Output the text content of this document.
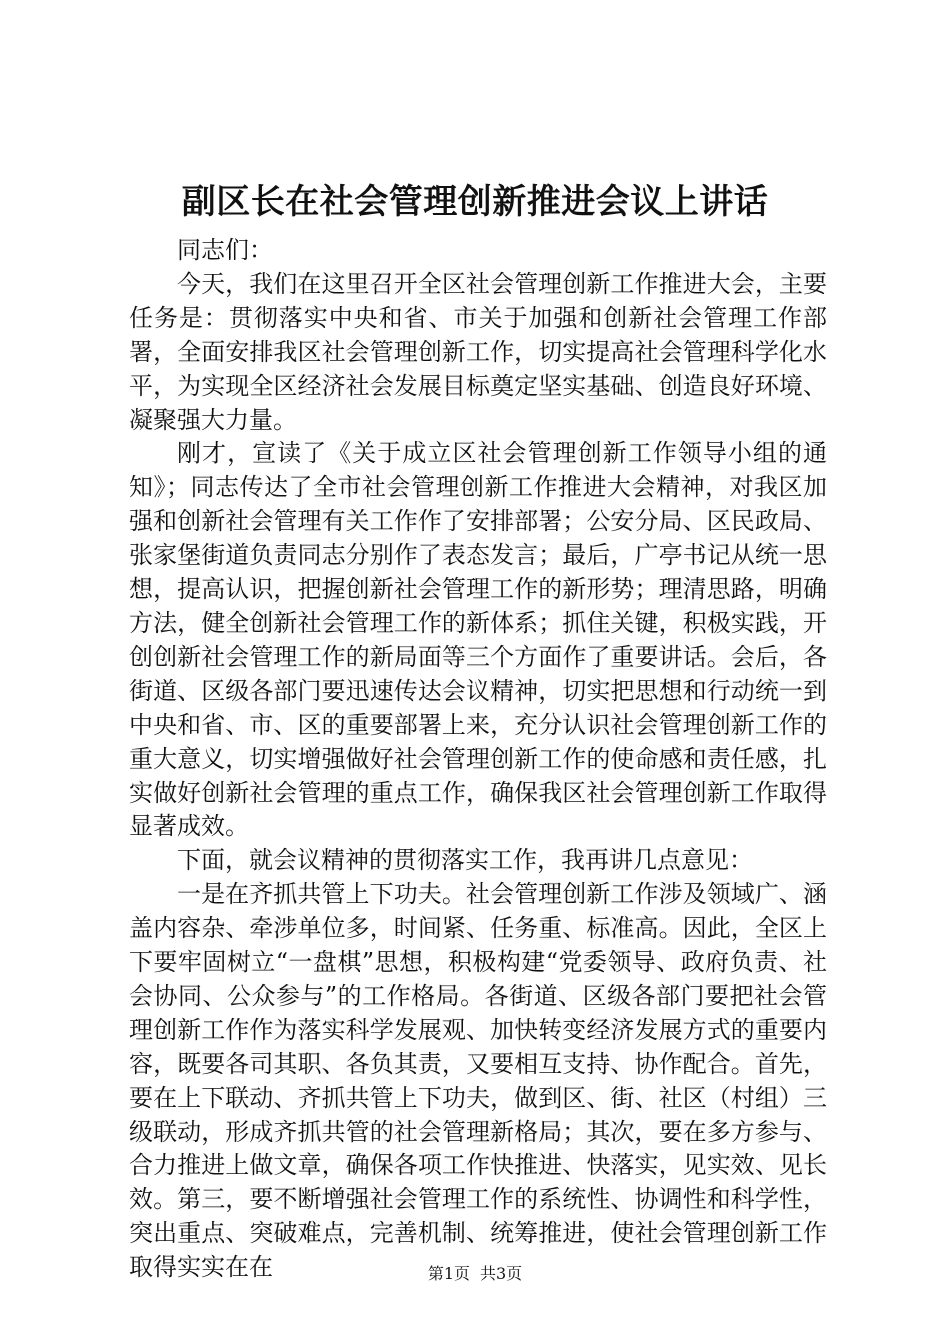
副区长在社会管理创新推进会议上讲话

同志们：

今天，我们在这里召开全区社会管理创新工作推进大会，主要任务是：贯彻落实中央和省、市关于加强和创新社会管理工作部署，全面安排我区社会管理创新工作，切实提高社会管理科学化水平，为实现全区经济社会发展目标奠定坚实基础、创造良好环境、凝聚强大力量。

刚才，宣读了《关于成立区社会管理创新工作领导小组的通知》；同志传达了全市社会管理创新工作推进大会精神，对我区加强和创新社会管理有关工作作了安排部署；公安分局、区民政局、张家堡街道负责同志分别作了表态发言；最后，广亭书记从统一思想，提高认识，把握创新社会管理工作的新形势；理清思路，明确方法，健全创新社会管理工作的新体系；抓住关键，积极实践，开创创新社会管理工作的新局面等三个方面作了重要讲话。会后，各街道、区级各部门要迅速传达会议精神，切实把思想和行动统一到中央和省、市、区的重要部署上来，充分认识社会管理创新工作的重大意义，切实增强做好社会管理创新工作的使命感和责任感，扎实做好创新社会管理的重点工作，确保我区社会管理创新工作取得显著成效。

下面，就会议精神的贯彻落实工作，我再讲几点意见：

一是在齐抓共管上下功夫。社会管理创新工作涉及领域广、涵盖内容杂、牵涉单位多，时间紧、任务重、标准高。因此，全区上下要牢固树立“一盘棋”思想，积极构建“党委领导、政府负责、社会协同、公众参与”的工作格局。各街道、区级各部门要把社会管理创新工作作为落实科学发展观、加快转变经济发展方式的重要内容，既要各司其职、各负其责，又要相互支持、协作配合。首先，要在上下联动、齐抓共管上下功夫，做到区、街、社区（村组）三级联动，形成齐抓共管的社会管理新格局；其次，要在多方参与、合力推进上做文章，确保各项工作快推进、快落实，见实效、见长效。第三，要不断增强社会管理工作的系统性、协调性和科学性，突出重点、突破难点，完善机制、统筹推进，使社会管理创新工作取得实实在在	第1页 共3页
